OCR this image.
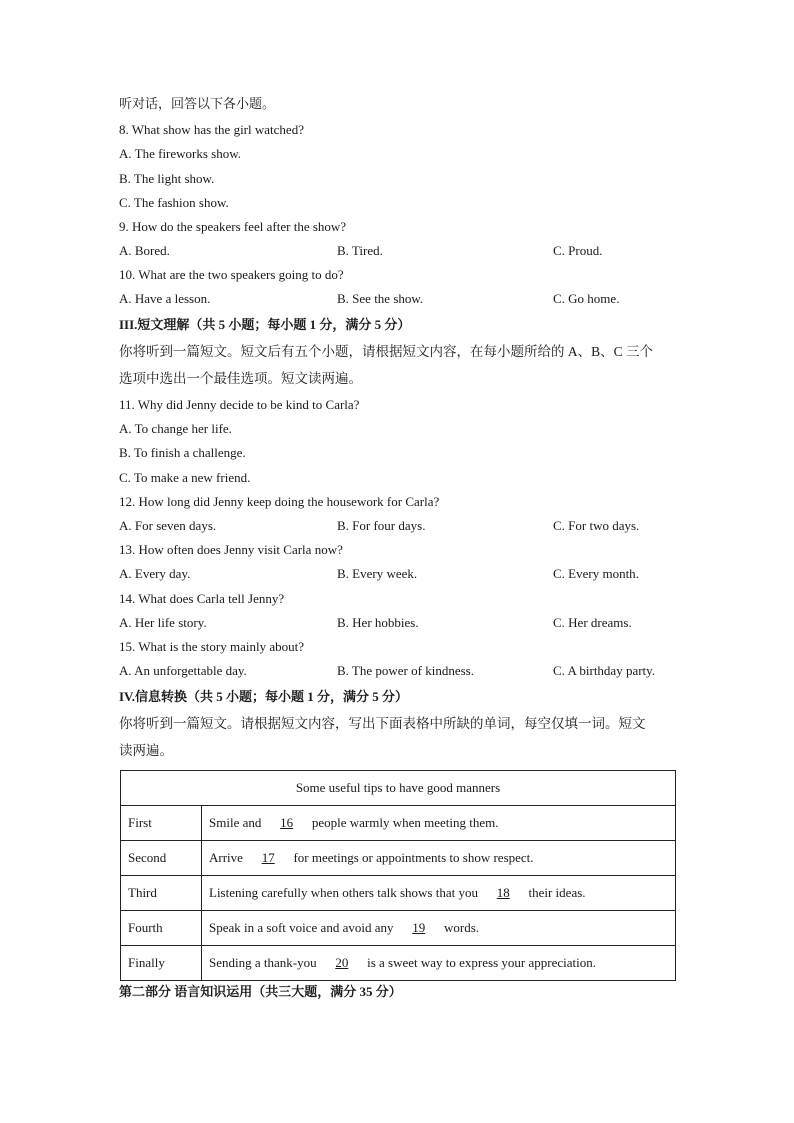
听对话，回答以下各小题。
8. What show has the girl watched?
A. The fireworks show.
B. The light show.
C. The fashion show.
9. How do the speakers feel after the show?
A. Bored.	B. Tired.	C. Proud.
10. What are the two speakers going to do?
A. Have a lesson.	B. See the show.	C. Go home.
III.短文理解（共 5 小题；每小题 1 分，满分 5 分）
你将听到一篇短文。短文后有五个小题，请根据短文内容，在每小题所给的 A、B、C 三个
选项中选出一个最佳选项。短文读两遍。
11. Why did Jenny decide to be kind to Carla?
A. To change her life.
B. To finish a challenge.
C. To make a new friend.
12. How long did Jenny keep doing the housework for Carla?
A. For seven days.	B. For four days.	C. For two days.
13. How often does Jenny visit Carla now?
A. Every day.	B. Every week.	C. Every month.
14. What does Carla tell Jenny?
A. Her life story.	B. Her hobbies.	C. Her dreams.
15. What is the story mainly about?
A. An unforgettable day.	B. The power of kindness.	C. A birthday party.
IV.信息转换（共 5 小题；每小题 1 分，满分 5 分）
你将听到一篇短文。请根据短文内容，写出下面表格中所缺的单词，每空仅填一词。短文
读两遍。
Some useful tips to have good manners	
First	Smile and 16 people warmly when meeting them.
Second	Arrive 17 for meetings or appointments to show respect.
Third	Listening carefully when others talk shows that you 18 their ideas.
Fourth	Speak in a soft voice and avoid any 19 words.
Finally	Sending a thank-you 20 is a sweet way to express your appreciation.
第二部分 语言知识运用（共三大题，满分 35 分）
